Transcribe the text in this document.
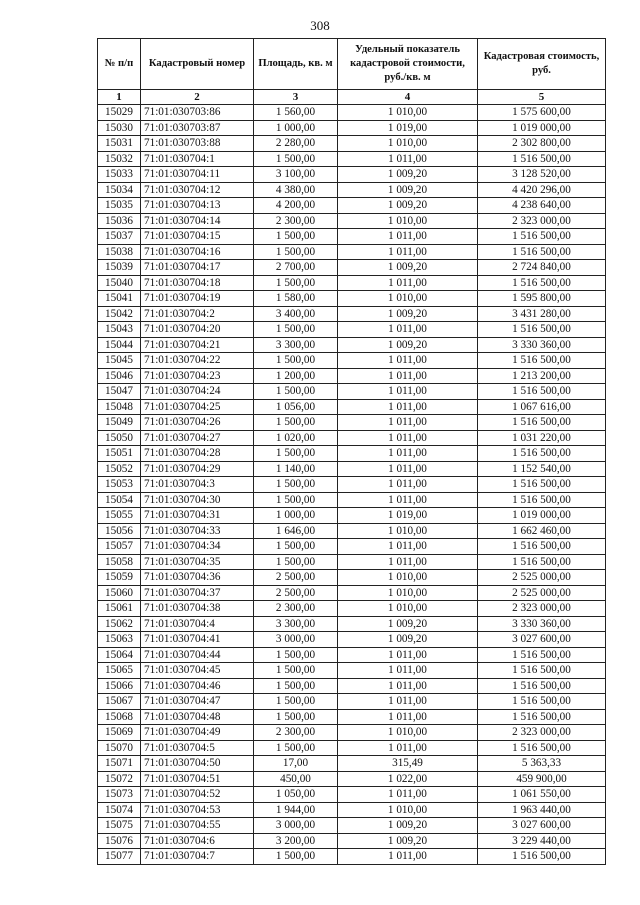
308
№ п/п	Кадастровый номер	Площадь, кв. м	Удельный показатель кадастровой стоимости, руб./кв. м	Кадастровая стоимость, руб.
1	2	3	4	5
15029	71:01:030703:86	1 560,00	1 010,00	1 575 600,00
15030	71:01:030703:87	1 000,00	1 019,00	1 019 000,00
15031	71:01:030703:88	2 280,00	1 010,00	2 302 800,00
15032	71:01:030704:1	1 500,00	1 011,00	1 516 500,00
15033	71:01:030704:11	3 100,00	1 009,20	3 128 520,00
15034	71:01:030704:12	4 380,00	1 009,20	4 420 296,00
15035	71:01:030704:13	4 200,00	1 009,20	4 238 640,00
15036	71:01:030704:14	2 300,00	1 010,00	2 323 000,00
15037	71:01:030704:15	1 500,00	1 011,00	1 516 500,00
15038	71:01:030704:16	1 500,00	1 011,00	1 516 500,00
15039	71:01:030704:17	2 700,00	1 009,20	2 724 840,00
15040	71:01:030704:18	1 500,00	1 011,00	1 516 500,00
15041	71:01:030704:19	1 580,00	1 010,00	1 595 800,00
15042	71:01:030704:2	3 400,00	1 009,20	3 431 280,00
15043	71:01:030704:20	1 500,00	1 011,00	1 516 500,00
15044	71:01:030704:21	3 300,00	1 009,20	3 330 360,00
15045	71:01:030704:22	1 500,00	1 011,00	1 516 500,00
15046	71:01:030704:23	1 200,00	1 011,00	1 213 200,00
15047	71:01:030704:24	1 500,00	1 011,00	1 516 500,00
15048	71:01:030704:25	1 056,00	1 011,00	1 067 616,00
15049	71:01:030704:26	1 500,00	1 011,00	1 516 500,00
15050	71:01:030704:27	1 020,00	1 011,00	1 031 220,00
15051	71:01:030704:28	1 500,00	1 011,00	1 516 500,00
15052	71:01:030704:29	1 140,00	1 011,00	1 152 540,00
15053	71:01:030704:3	1 500,00	1 011,00	1 516 500,00
15054	71:01:030704:30	1 500,00	1 011,00	1 516 500,00
15055	71:01:030704:31	1 000,00	1 019,00	1 019 000,00
15056	71:01:030704:33	1 646,00	1 010,00	1 662 460,00
15057	71:01:030704:34	1 500,00	1 011,00	1 516 500,00
15058	71:01:030704:35	1 500,00	1 011,00	1 516 500,00
15059	71:01:030704:36	2 500,00	1 010,00	2 525 000,00
15060	71:01:030704:37	2 500,00	1 010,00	2 525 000,00
15061	71:01:030704:38	2 300,00	1 010,00	2 323 000,00
15062	71:01:030704:4	3 300,00	1 009,20	3 330 360,00
15063	71:01:030704:41	3 000,00	1 009,20	3 027 600,00
15064	71:01:030704:44	1 500,00	1 011,00	1 516 500,00
15065	71:01:030704:45	1 500,00	1 011,00	1 516 500,00
15066	71:01:030704:46	1 500,00	1 011,00	1 516 500,00
15067	71:01:030704:47	1 500,00	1 011,00	1 516 500,00
15068	71:01:030704:48	1 500,00	1 011,00	1 516 500,00
15069	71:01:030704:49	2 300,00	1 010,00	2 323 000,00
15070	71:01:030704:5	1 500,00	1 011,00	1 516 500,00
15071	71:01:030704:50	17,00	315,49	5 363,33
15072	71:01:030704:51	450,00	1 022,00	459 900,00
15073	71:01:030704:52	1 050,00	1 011,00	1 061 550,00
15074	71:01:030704:53	1 944,00	1 010,00	1 963 440,00
15075	71:01:030704:55	3 000,00	1 009,20	3 027 600,00
15076	71:01:030704:6	3 200,00	1 009,20	3 229 440,00
15077	71:01:030704:7	1 500,00	1 011,00	1 516 500,00
